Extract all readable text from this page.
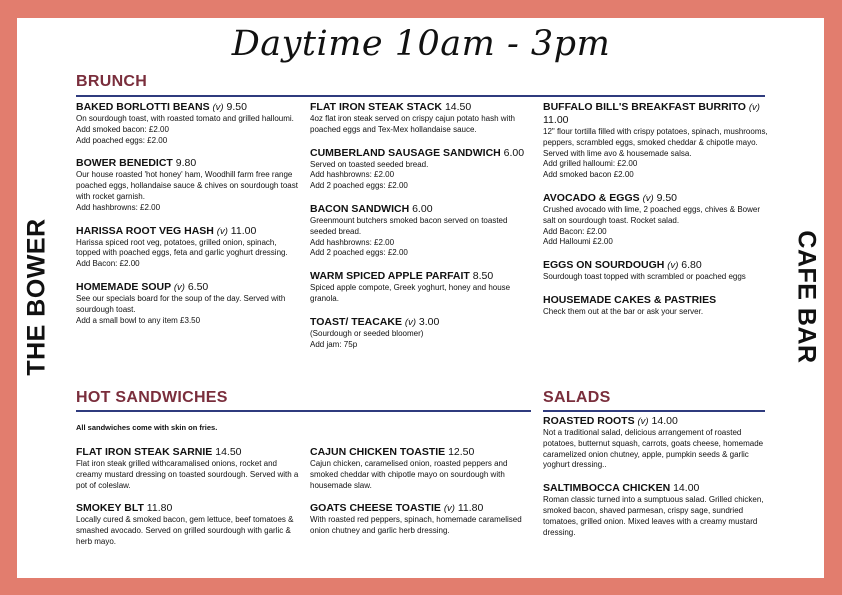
Daytime 10am - 3pm
THE BOWER	CAFE BAR
BRUNCH
BAKED BORLOTTI BEANS (v) 9.50
On sourdough toast, with roasted tomato and grilled halloumi.
Add smoked bacon: £2.00
Add poached eggs: £2.00
BOWER BENEDICT 9.80
Our house roasted 'hot honey' ham, Woodhill farm free range poached eggs, hollandaise sauce & chives on sourdough toast with rocket garnish.
Add hashbrowns: £2.00
HARISSA ROOT VEG HASH (v) 11.00
Harissa spiced root veg, potatoes, grilled onion, spinach, topped with poached eggs, feta and garlic yoghurt dressing.
Add Bacon: £2.00
HOMEMADE SOUP (v) 6.50
See our specials board for the soup of the day. Served with sourdough toast.
Add a small bowl to any item £3.50
FLAT IRON STEAK STACK 14.50
4oz flat iron steak served on crispy cajun potato hash with poached eggs and Tex-Mex hollandaise sauce.
CUMBERLAND SAUSAGE SANDWICH 6.00
Served on toasted seeded bread.
Add hashbrowns: £2.00
Add 2 poached eggs: £2.00
BACON SANDWICH 6.00
Greenmount butchers smoked bacon served on toasted seeded bread.
Add hashbrowns: £2.00
Add 2 poached eggs: £2.00
WARM SPICED APPLE PARFAIT 8.50
Spiced apple compote, Greek yoghurt, honey and house granola.
TOAST/ TEACAKE (v) 3.00
(Sourdough or seeded bloomer)
Add jam: 75p
BUFFALO BILL'S BREAKFAST BURRITO (v) 11.00
12" flour tortilla filled with crispy potatoes, spinach, mushrooms, peppers, scrambled eggs, smoked cheddar & chipotle mayo. Served with lime avo & housemade salsa.
Add grilled halloumi: £2.00
Add smoked bacon £2.00
AVOCADO & EGGS (v) 9.50
Crushed avocado with lime, 2 poached eggs, chives & Bower salt on sourdough toast. Rocket salad.
Add Bacon: £2.00
Add Halloumi £2.00
EGGS ON SOURDOUGH (v) 6.80
Sourdough toast topped with scrambled or poached eggs
HOUSEMADE CAKES & PASTRIES
Check them out at the bar or ask your server.
HOT SANDWICHES
All sandwiches come with skin on fries.
FLAT IRON STEAK SARNIE 14.50
Flat iron steak grilled withcaramalised onions, rocket and creamy mustard dressing on toasted sourdough. Served with a pot of coleslaw.
SMOKEY BLT 11.80
Locally cured & smoked bacon, gem lettuce, beef tomatoes & smashed avocado. Served on grilled sourdough with garlic & herb mayo.
CAJUN CHICKEN TOASTIE 12.50
Cajun chicken, caramelised onion, roasted peppers and smoked cheddar with chipotle mayo on sourdough with housemade slaw.
GOATS CHEESE TOASTIE (v) 11.80
With roasted red peppers, spinach, homemade caramelised onion chutney and garlic herb dressing.
SALADS
ROASTED ROOTS (v) 14.00
Not a traditional salad, delicious arrangement of roasted potatoes, butternut squash, carrots, goats cheese, homemade caramelized onion chutney, apple, pumpkin seeds & garlic yoghurt dressing..
SALTIMBOCCA CHICKEN 14.00
Roman classic turned into a sumptuous salad. Grilled chicken, smoked bacon, shaved parmesan, crispy sage, sundried tomatoes, grilled onion. Mixed leaves with a creamy mustard dressing.
